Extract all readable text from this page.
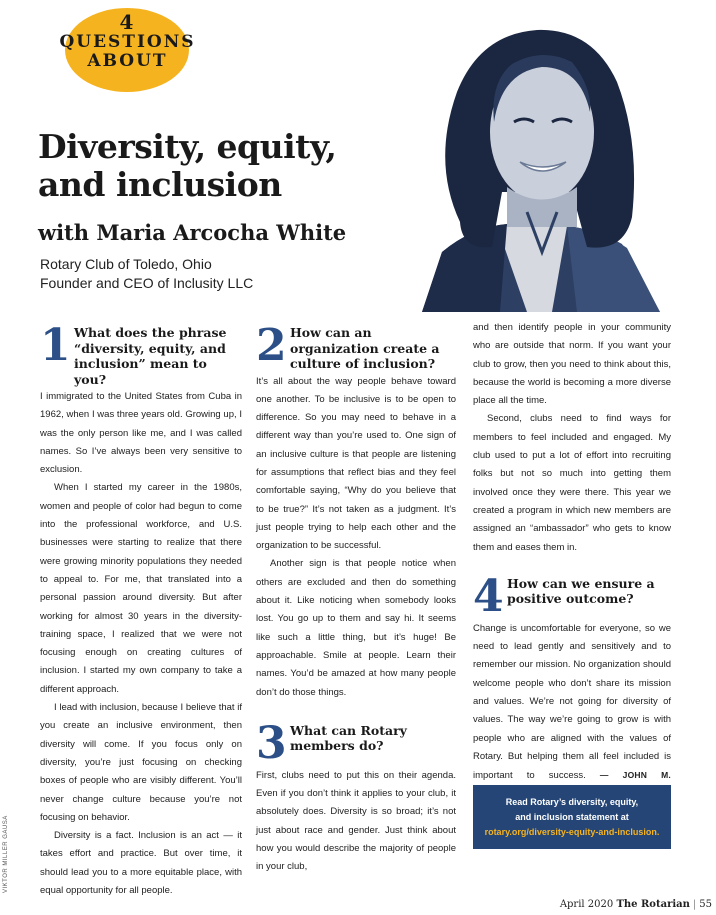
4
QUESTIONS
ABOUT
Diversity, equity,
and inclusion
with Maria Arcocha White
Rotary Club of Toledo, Ohio
Founder and CEO of Inclusity LLC
1 What does the phrase “diversity, equity, and inclusion” mean to you?

I immigrated to the United States from Cuba in 1962, when I was three years old. Growing up, I was the only person like me, and I was called names. So I’ve always been very sensitive to exclusion.

When I started my career in the 1980s, women and people of color had begun to come into the professional workforce, and U.S. businesses were starting to realize that there were growing minority populations they needed to appeal to. For me, that translated into a personal passion around diversity. But after working for almost 30 years in the diversity-training space, I realized that we were not focusing enough on creating cultures of inclusion. I started my own company to take a different approach.

I lead with inclusion, because I believe that if you create an inclusive environment, then diversity will come. If you focus only on diversity, you’re just focusing on checking boxes of people who are visibly different. You’ll never change culture because you’re not focusing on behavior.

Diversity is a fact. Inclusion is an act — it takes effort and practice. But over time, it should lead you to a more equitable place, with equal opportunity for all people.

2 How can an organization create a culture of inclusion?

It’s all about the way people behave toward one another. To be inclusive is to be open to difference. So you may need to behave in a different way than you’re used to. One sign of an inclusive culture is that people are listening for assumptions that reflect bias and they feel comfortable saying, “Why do you believe that to be true?” It’s not taken as a judgment. It’s just people trying to help each other and the organization to be successful.

Another sign is that people notice when others are excluded and then do something about it. Like noticing when somebody looks lost. You go up to them and say hi. It seems like such a little thing, but it’s huge! Be approachable. Smile at people. Learn their names. You’d be amazed at how many people don’t do those things.

3 What can Rotary members do?

First, clubs need to put this on their agenda. Even if you don’t think it applies to your club, it absolutely does. Diversity is so broad; it’s not just about race and gender. Just think about how you would describe the majority of people in your club,

and then identify people in your community who are outside that norm. If you want your club to grow, then you need to think about this, because the world is becoming a more diverse place all the time.

Second, clubs need to find ways for members to feel included and engaged. My club used to put a lot of effort into recruiting folks but not so much into getting them involved once they were there. This year we created a program in which new members are assigned an “ambassador” who gets to know them and eases them in.

4 How can we ensure a positive outcome?

Change is uncomfortable for everyone, so we need to lead gently and sensitively and to remember our mission. No organization should welcome people who don’t share its mission and values. We’re not going for diversity of values. The way we’re going to grow is with people who are aligned with the values of Rotary. But helping them all feel included is important to success. — JOHN M.

VIKTOR MILLER GAUSA
Read Rotary’s diversity, equity,
and inclusion statement at
rotary.org/diversity-equity-and-inclusion.
April 2020 The Rotarian | 55
